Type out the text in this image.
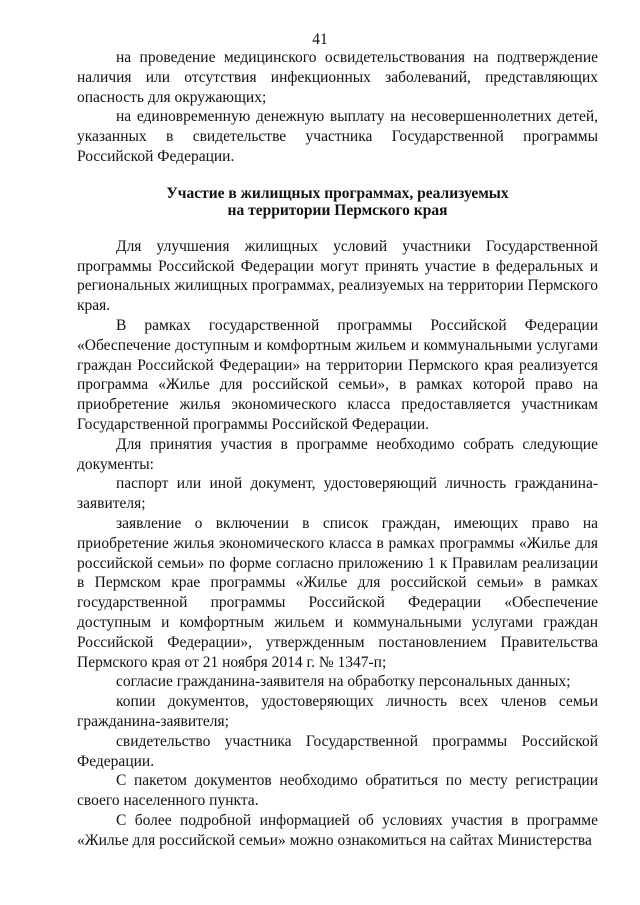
41

на проведение медицинского освидетельствования на подтверждение наличия или отсутствия инфекционных заболеваний, представляющих опасность для окружающих;

на единовременную денежную выплату на несовершеннолетних детей, указанных в свидетельстве участника Государственной программы Российской Федерации.

Участие в жилищных программах, реализуемых
на территории Пермского края

Для улучшения жилищных условий участники Государственной программы Российской Федерации могут принять участие в федеральных и региональных жилищных программах, реализуемых на территории Пермского края.

В рамках государственной программы Российской Федерации «Обеспечение доступным и комфортным жильем и коммунальными услугами граждан Российской Федерации» на территории Пермского края реализуется программа «Жилье для российской семьи», в рамках которой право на приобретение жилья экономического класса предоставляется участникам Государственной программы Российской Федерации.

Для принятия участия в программе необходимо собрать следующие документы:

паспорт или иной документ, удостоверяющий личность гражданина-заявителя;

заявление о включении в список граждан, имеющих право на приобретение жилья экономического класса в рамках программы «Жилье для российской семьи» по форме согласно приложению 1 к Правилам реализации в Пермском крае программы «Жилье для российской семьи» в рамках государственной программы Российской Федерации «Обеспечение доступным и комфортным жильем и коммунальными услугами граждан Российской Федерации», утвержденным постановлением Правительства Пермского края от 21 ноября 2014 г. № 1347-п;

согласие гражданина-заявителя на обработку персональных данных;

копии документов, удостоверяющих личность всех членов семьи гражданина-заявителя;

свидетельство участника Государственной программы Российской Федерации.

С пакетом документов необходимо обратиться по месту регистрации своего населенного пункта.

С более подробной информацией об условиях участия в программе «Жилье для российской семьи» можно ознакомиться на сайтах Министерства
